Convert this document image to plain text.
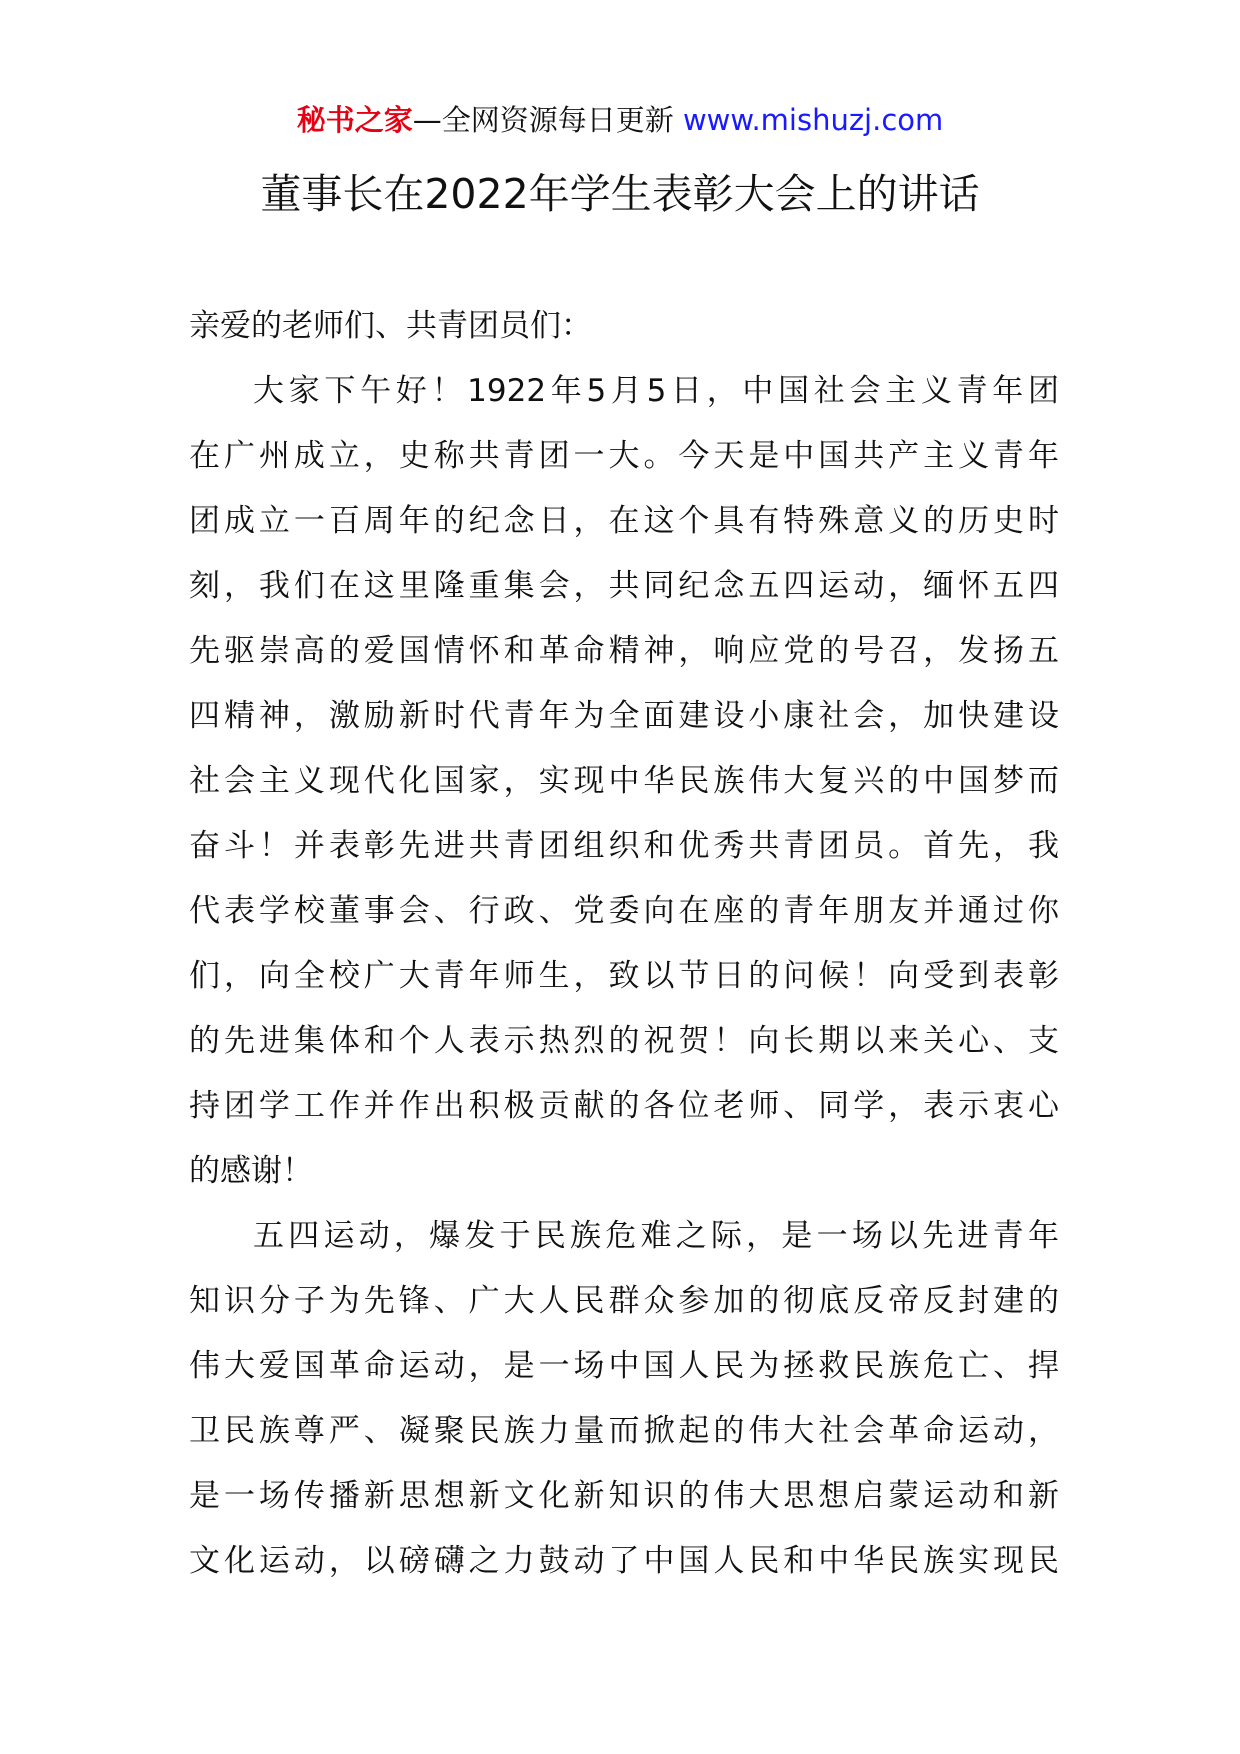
秘书之家—全网资源每日更新 www.mishuzj.com
董事长在2022年学生表彰大会上的讲话
亲爱的老师们、共青团员们：
大家下午好！1922年5月5日，中国社会主义青年团
在广州成立，史称共青团一大。今天是中国共产主义青年
团成立一百周年的纪念日，在这个具有特殊意义的历史时
刻，我们在这里隆重集会，共同纪念五四运动，缅怀五四
先驱崇高的爱国情怀和革命精神，响应党的号召，发扬五
四精神，激励新时代青年为全面建设小康社会，加快建设
社会主义现代化国家，实现中华民族伟大复兴的中国梦而
奋斗！并表彰先进共青团组织和优秀共青团员。首先，我
代表学校董事会、行政、党委向在座的青年朋友并通过你
们，向全校广大青年师生，致以节日的问候！向受到表彰
的先进集体和个人表示热烈的祝贺！向长期以来关心、支
持团学工作并作出积极贡献的各位老师、同学，表示衷心
的感谢！
五四运动，爆发于民族危难之际，是一场以先进青年
知识分子为先锋、广大人民群众参加的彻底反帝反封建的
伟大爱国革命运动，是一场中国人民为拯救民族危亡、捍
卫民族尊严、凝聚民族力量而掀起的伟大社会革命运动，
是一场传播新思想新文化新知识的伟大思想启蒙运动和新
文化运动，以磅礴之力鼓动了中国人民和中华民族实现民
